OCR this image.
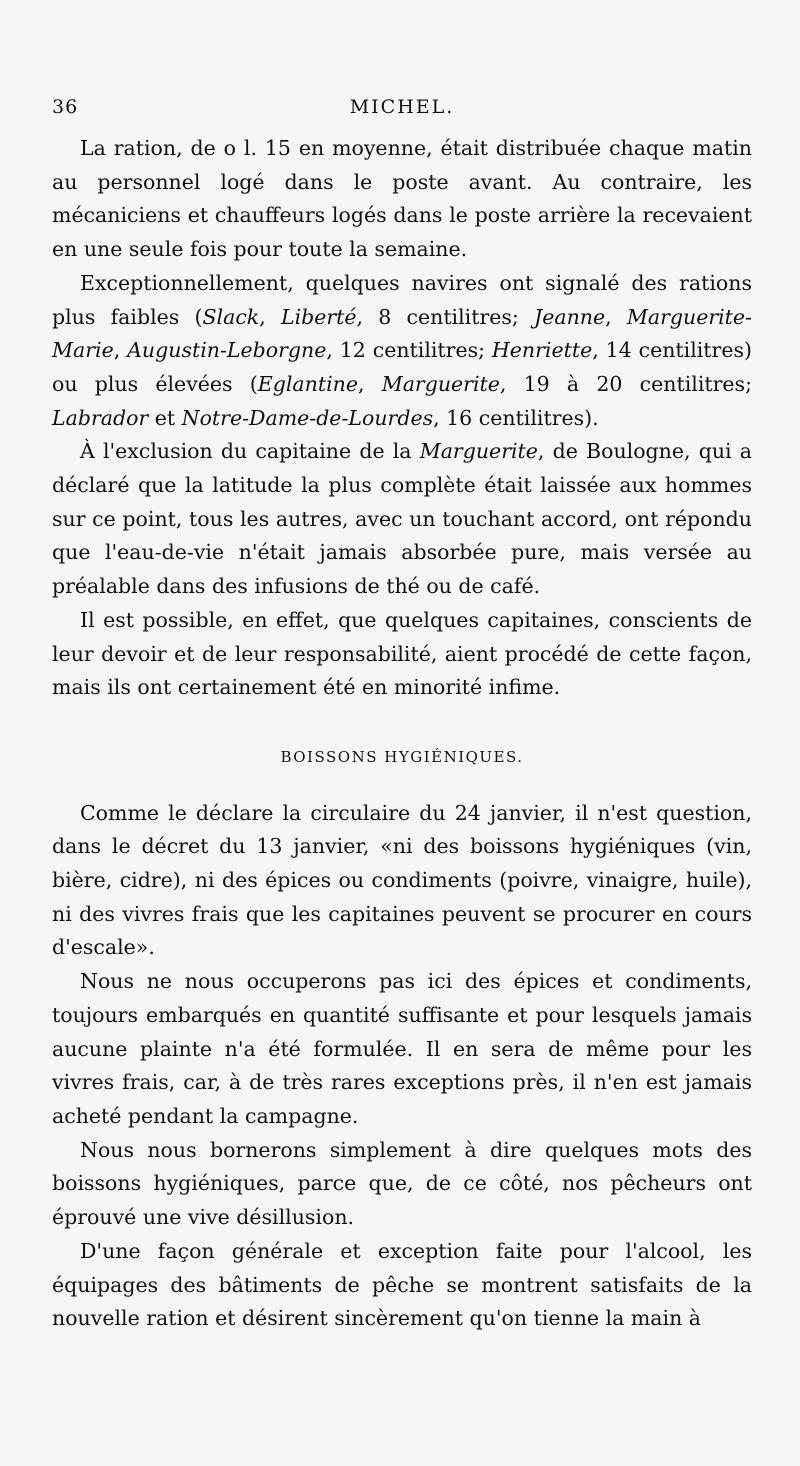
36	MICHEL.

La ration, de o l. 15 en moyenne, était distribuée chaque matin au personnel logé dans le poste avant. Au contraire, les mécaniciens et chauffeurs logés dans le poste arrière la recevaient en une seule fois pour toute la semaine.

Exceptionnellement, quelques navires ont signalé des rations plus faibles (Slack, Liberté, 8 centilitres; Jeanne, Marguerite-Marie, Augustin-Leborgne, 12 centilitres; Henriette, 14 centilitres) ou plus élevées (Eglantine, Marguerite, 19 à 20 centilitres; Labrador et Notre-Dame-de-Lourdes, 16 centilitres).

À l'exclusion du capitaine de la Marguerite, de Boulogne, qui a déclaré que la latitude la plus complète était laissée aux hommes sur ce point, tous les autres, avec un touchant accord, ont répondu que l'eau-de-vie n'était jamais absorbée pure, mais versée au préalable dans des infusions de thé ou de café.

Il est possible, en effet, que quelques capitaines, conscients de leur devoir et de leur responsabilité, aient procédé de cette façon, mais ils ont certainement été en minorité infime.

BOISSONS HYGIÉNIQUES.

Comme le déclare la circulaire du 24 janvier, il n'est question, dans le décret du 13 janvier, «ni des boissons hygiéniques (vin, bière, cidre), ni des épices ou condiments (poivre, vinaigre, huile), ni des vivres frais que les capitaines peuvent se procurer en cours d'escale».

Nous ne nous occuperons pas ici des épices et condiments, toujours embarqués en quantité suffisante et pour lesquels jamais aucune plainte n'a été formulée. Il en sera de même pour les vivres frais, car, à de très rares exceptions près, il n'en est jamais acheté pendant la campagne.

Nous nous bornerons simplement à dire quelques mots des boissons hygiéniques, parce que, de ce côté, nos pêcheurs ont éprouvé une vive désillusion.

D'une façon générale et exception faite pour l'alcool, les équipages des bâtiments de pêche se montrent satisfaits de la nouvelle ration et désirent sincèrement qu'on tienne la main à
